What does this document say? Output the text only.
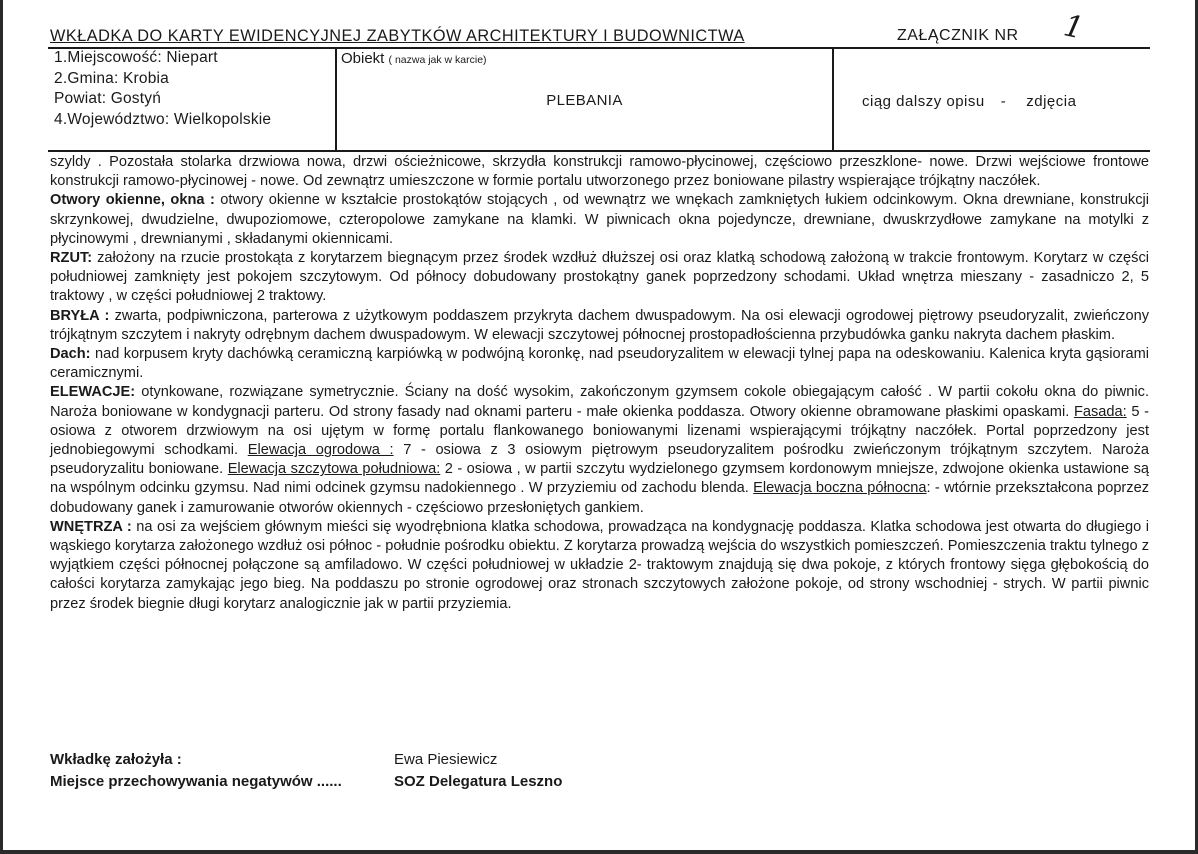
WKŁADKA DO KARTY EWIDENCYJNEJ ZABYTKÓW ARCHITEKTURY I BUDOWNICTWA	ZAŁĄCZNIK NR 1
1.Miejscowość: Niepart
2.Gmina: Krobia
Powiat: Gostyń
4.Województwo: Wielkopolskie
Obiekt ( nazwa jak w karcie)
PLEBANIA	ciąg dalszy opisu - zdjęcia

szyldy . Pozostała stolarka drzwiowa nowa, drzwi ościeżnicowe, skrzydła konstrukcji ramowo-płycinowej, częściowo przeszklone- nowe. Drzwi wejściowe frontowe konstrukcji ramowo-płycinowej - nowe. Od zewnątrz umieszczone w formie portalu utworzonego przez boniowane pilastry wspierające trójkątny naczółek.

Otwory okienne, okna : otwory okienne w kształcie prostokątów stojących , od wewnątrz we wnękach zamkniętych łukiem odcinkowym. Okna drewniane, konstrukcji skrzynkowej, dwudzielne, dwupoziomowe, czteropolowe zamykane na klamki. W piwnicach okna pojedyncze, drewniane, dwuskrzydłowe zamykane na motylki z płycinowymi , drewnianymi , składanymi okiennicami.

RZUT: założony na rzucie prostokąta z korytarzem biegnącym przez środek wzdłuż dłuższej osi oraz klatką schodową założoną w trakcie frontowym. Korytarz w części południowej zamknięty jest pokojem szczytowym. Od północy dobudowany prostokątny ganek poprzedzony schodami. Układ wnętrza mieszany - zasadniczo 2, 5 traktowy , w części południowej 2 traktowy.

BRYŁA : zwarta, podpiwniczona, parterowa z użytkowym poddaszem przykryta dachem dwuspadowym. Na osi elewacji ogrodowej piętrowy pseudoryzalit, zwieńczony trójkątnym szczytem i nakryty odrębnym dachem dwuspadowym. W elewacji szczytowej północnej prostopadłościenna przybudówka ganku nakryta dachem płaskim.

Dach: nad korpusem kryty dachówką ceramiczną karpiówką w podwójną koronkę, nad pseudoryzalitem w elewacji tylnej papa na odeskowaniu. Kalenica kryta gąsiorami ceramicznymi.

ELEWACJE: otynkowane, rozwiązane symetrycznie. Ściany na dość wysokim, zakończonym gzymsem cokole obiegającym całość . W partii cokołu okna do piwnic. Naroża boniowane w kondygnacji parteru. Od strony fasady nad oknami parteru - małe okienka poddasza. Otwory okienne obramowane płaskimi opaskami. Fasada: 5 - osiowa z otworem drzwiowym na osi ujętym w formę portalu flankowanego boniowanymi lizenami wspierającymi trójkątny naczółek. Portal poprzedzony jest jednobiegowymi schodkami. Elewacja ogrodowa : 7 - osiowa z 3 osiowym piętrowym pseudoryzalitem pośrodku zwieńczonym trójkątnym szczytem. Naroża pseudoryzalitu boniowane. Elewacja szczytowa południowa: 2 - osiowa , w partii szczytu wydzielonego gzymsem kordonowym mniejsze, zdwojone okienka ustawione są na wspólnym odcinku gzymsu. Nad nimi odcinek gzymsu nadokiennego . W przyziemiu od zachodu blenda. Elewacja boczna północna: - wtórnie przekształcona poprzez dobudowany ganek i zamurowanie otworów okiennych - częściowo przesłoniętych gankiem.

WNĘTRZA : na osi za wejściem głównym mieści się wyodrębniona klatka schodowa, prowadząca na kondygnację poddasza. Klatka schodowa jest otwarta do długiego i wąskiego korytarza założonego wzdłuż osi północ - południe pośrodku obiektu. Z korytarza prowadzą wejścia do wszystkich pomieszczeń. Pomieszczenia traktu tylnego z wyjątkiem części północnej połączone są amfiladowo. W części południowej w układzie 2- traktowym znajdują się dwa pokoje, z których frontowy sięga głębokością do całości korytarza zamykając jego bieg. Na poddaszu po stronie ogrodowej oraz stronach szczytowych założone pokoje, od strony wschodniej - strych. W partii piwnic przez środek biegnie długi korytarz analogicznie jak w partii przyziemia.

Wkładkę założyła :	Ewa Piesiewicz
Miejsce przechowywania negatywów ......	SOZ Delegatura Leszno
